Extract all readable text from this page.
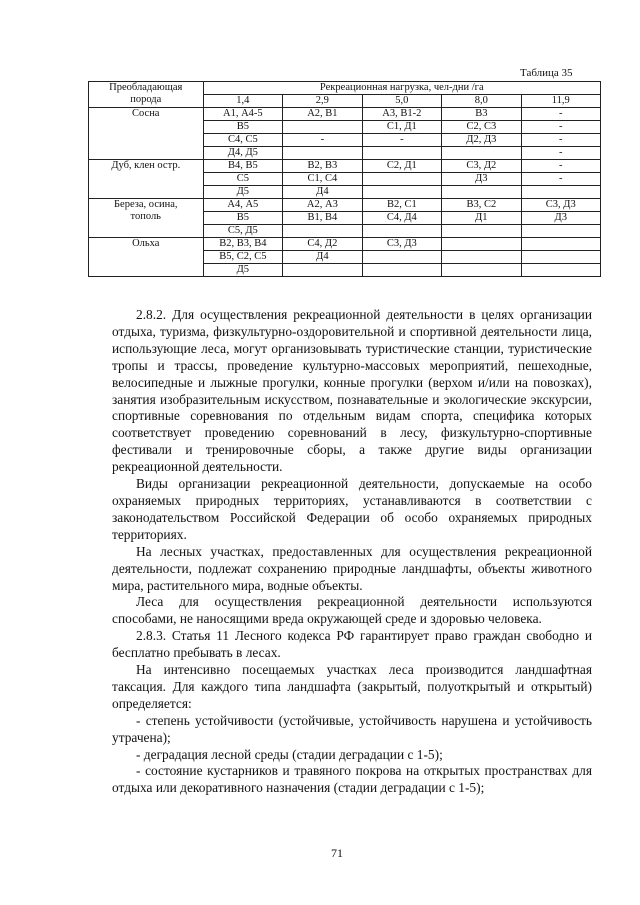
Таблица 35
Преобладающая
порода	Рекреационная нагрузка, чел-дни /га				
	1,4	2,9	5,0	8,0	11,9

Сосна	А1, А4-5	А2, В1	А3, В1-2	В3	-
	В5		С1, Д1	С2, С3	-
	С4, С5	-	-	Д2, Д3	-
	Д4, Д5				-

Дуб, клен остр.	В4, В5	В2, В3	С2, Д1	С3, Д2	-
	С5	С1, С4		Д3	-
	Д5	Д4			

Береза, осина,
тополь	А4, А5	А2, А3	В2, С1	В3, С2	С3, Д3
	В5	В1, В4	С4, Д4	Д1	Д3
	С5, Д5				

Ольха	В2, В3, В4	С4, Д2	С3, Д3		
	В5, С2, С5	Д4			
	Д5				

2.8.2. Для осуществления рекреационной деятельности в целях организации отдыха, туризма, физкультурно-оздоровительной и спортивной деятельности лица, использующие леса, могут организовывать туристические станции, туристические тропы и трассы, проведение культурно-массовых мероприятий, пешеходные, велосипедные и лыжные прогулки, конные прогулки (верхом и/или на повозках), занятия изобразительным искусством, познавательные и экологические экскурсии, спортивные соревнования по отдельным видам спорта, специфика которых соответствует проведению соревнований в лесу, физкультурно-спортивные фестивали и тренировочные сборы, а также другие виды организации рекреационной деятельности.

Виды организации рекреационной деятельности, допускаемые на особо охраняемых природных территориях, устанавливаются в соответствии с законодательством Российской Федерации об особо охраняемых природных территориях.

На лесных участках, предоставленных для осуществления рекреационной деятельности, подлежат сохранению природные ландшафты, объекты животного мира, растительного мира, водные объекты.

Леса для осуществления рекреационной деятельности используются способами, не наносящими вреда окружающей среде и здоровью человека.

2.8.3. Статья 11 Лесного кодекса РФ гарантирует право граждан свободно и бесплатно пребывать в лесах.

На интенсивно посещаемых участках леса производится ландшафтная таксация. Для каждого типа ландшафта (закрытый, полуоткрытый и открытый) определяется:

- степень устойчивости (устойчивые, устойчивость нарушена и устойчивость утрачена);

- деградация лесной среды (стадии деградации с 1-5);

- состояние кустарников и травяного покрова на открытых пространствах для отдыха или декоративного назначения (стадии деградации с 1-5);

71
